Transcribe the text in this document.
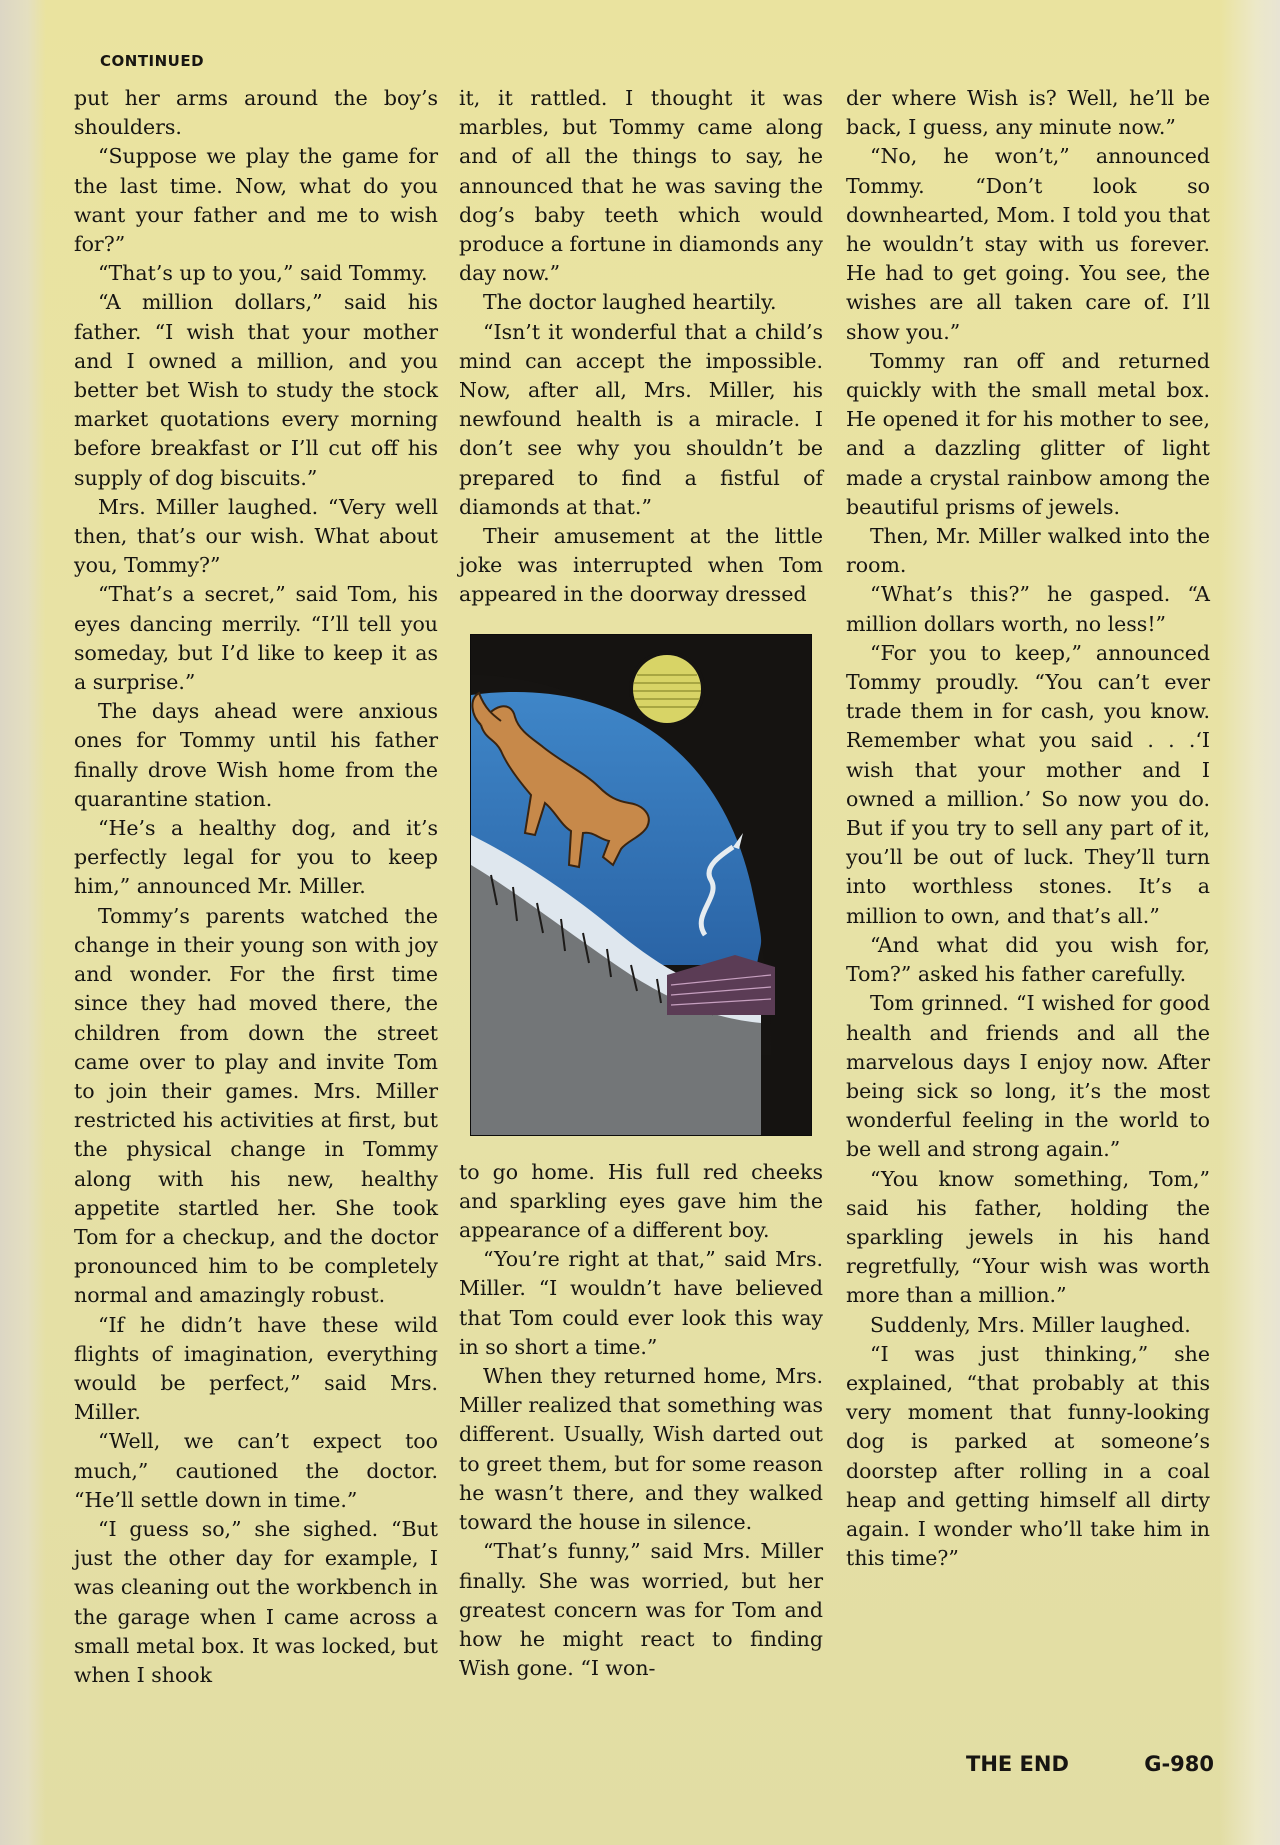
CONTINUED

put her arms around the boy’s shoulders.

“Suppose we play the game for the last time. Now, what do you want your father and me to wish for?”

“That’s up to you,” said Tommy.

“A million dollars,” said his father. “I wish that your mother and I owned a million, and you better bet Wish to study the stock market quotations every morning before breakfast or I’ll cut off his supply of dog biscuits.”

Mrs. Miller laughed. “Very well then, that’s our wish. What about you, Tommy?”

“That’s a secret,” said Tom, his eyes dancing merrily. “I’ll tell you someday, but I’d like to keep it as a surprise.”

The days ahead were anxious ones for Tommy until his father finally drove Wish home from the quarantine station.

“He’s a healthy dog, and it’s perfectly legal for you to keep him,” announced Mr. Miller.

Tommy’s parents watched the change in their young son with joy and wonder. For the first time since they had moved there, the children from down the street came over to play and invite Tom to join their games. Mrs. Miller restricted his activities at first, but the physical change in Tommy along with his new, healthy appetite startled her. She took Tom for a checkup, and the doctor pronounced him to be completely normal and amazingly robust.

“If he didn’t have these wild flights of imagination, everything would be perfect,” said Mrs. Miller.

“Well, we can’t expect too much,” cautioned the doctor. “He’ll settle down in time.”

“I guess so,” she sighed. “But just the other day for example, I was cleaning out the workbench in the garage when I came across a small metal box. It was locked, but when I shook

it, it rattled. I thought it was marbles, but Tommy came along and of all the things to say, he announced that he was saving the dog’s baby teeth which would produce a fortune in diamonds any day now.”

The doctor laughed heartily.

“Isn’t it wonderful that a child’s mind can accept the impossible. Now, after all, Mrs. Miller, his newfound health is a miracle. I don’t see why you shouldn’t be prepared to find a fistful of diamonds at that.”

Their amusement at the little joke was interrupted when Tom appeared in the doorway dressed

to go home. His full red cheeks and sparkling eyes gave him the appearance of a different boy.

“You’re right at that,” said Mrs. Miller. “I wouldn’t have believed that Tom could ever look this way in so short a time.”

When they returned home, Mrs. Miller realized that something was different. Usually, Wish darted out to greet them, but for some reason he wasn’t there, and they walked toward the house in silence.

“That’s funny,” said Mrs. Miller finally. She was worried, but her greatest concern was for Tom and how he might react to finding Wish gone. “I won-

der where Wish is? Well, he’ll be back, I guess, any minute now.”

“No, he won’t,” announced Tommy. “Don’t look so downhearted, Mom. I told you that he wouldn’t stay with us forever. He had to get going. You see, the wishes are all taken care of. I’ll show you.”

Tommy ran off and returned quickly with the small metal box. He opened it for his mother to see, and a dazzling glitter of light made a crystal rainbow among the beautiful prisms of jewels.

Then, Mr. Miller walked into the room.

“What’s this?” he gasped. “A million dollars worth, no less!”

“For you to keep,” announced Tommy proudly. “You can’t ever trade them in for cash, you know. Remember what you said . . .‘I wish that your mother and I owned a million.’ So now you do. But if you try to sell any part of it, you’ll be out of luck. They’ll turn into worthless stones. It’s a million to own, and that’s all.”

“And what did you wish for, Tom?” asked his father carefully.

Tom grinned. “I wished for good health and friends and all the marvelous days I enjoy now. After being sick so long, it’s the most wonderful feeling in the world to be well and strong again.”

“You know something, Tom,” said his father, holding the sparkling jewels in his hand regretfully, “Your wish was worth more than a million.”

Suddenly, Mrs. Miller laughed.

“I was just thinking,” she explained, “that probably at this very moment that funny-looking dog is parked at someone’s doorstep after rolling in a coal heap and getting himself all dirty again. I wonder who’ll take him in this time?”

THE END	G-980
